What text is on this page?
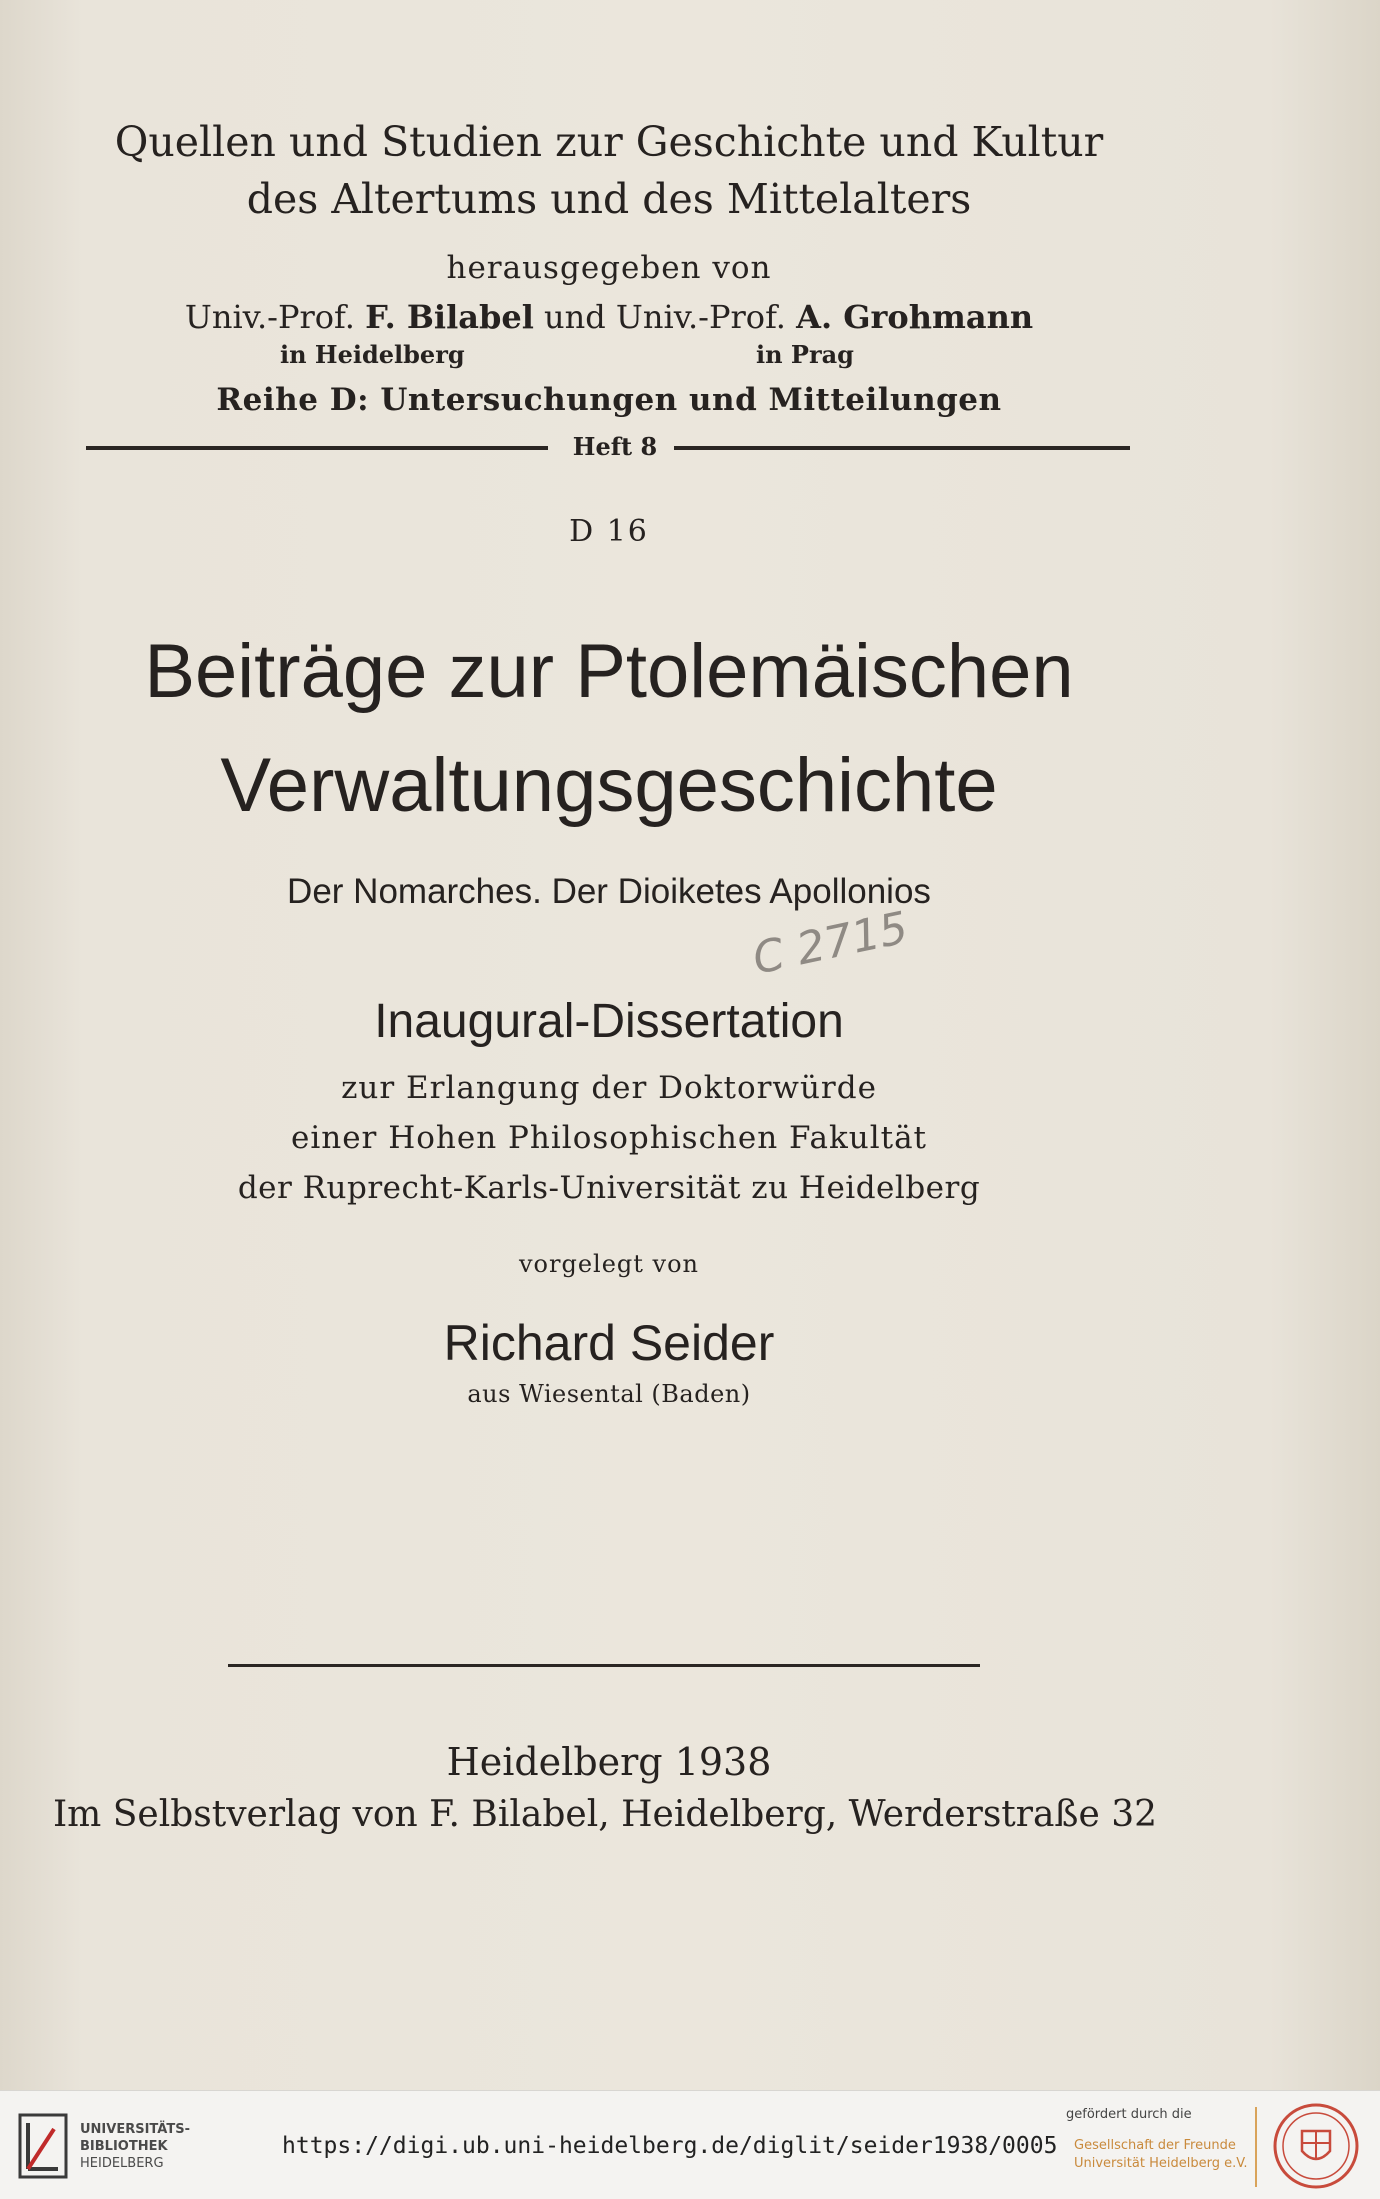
Quellen und Studien zur Geschichte und Kultur
des Altertums und des Mittelalters
herausgegeben von
Univ.-Prof. F. Bilabel und Univ.-Prof. A. Grohmann
in Heidelberg	in Prag
Reihe D: Untersuchungen und Mitteilungen
Heft 8
D 16
Beiträge zur Ptolemäischen
Verwaltungsgeschichte
Der Nomarches. Der Dioiketes Apollonios
C 2715
Inaugural-Dissertation
zur Erlangung der Doktorwürde
einer Hohen Philosophischen Fakultät
der Ruprecht-Karls-Universität zu Heidelberg
vorgelegt von
Richard Seider
aus Wiesental (Baden)
Heidelberg 1938
Im Selbstverlag von F. Bilabel, Heidelberg, Werderstraße 32
UNIVERSITÄTS-
BIBLIOTHEK
HEIDELBERG
https://digi.ub.uni-heidelberg.de/diglit/seider1938/0005
gefördert durch die
Gesellschaft der Freunde
Universität Heidelberg e.V.
